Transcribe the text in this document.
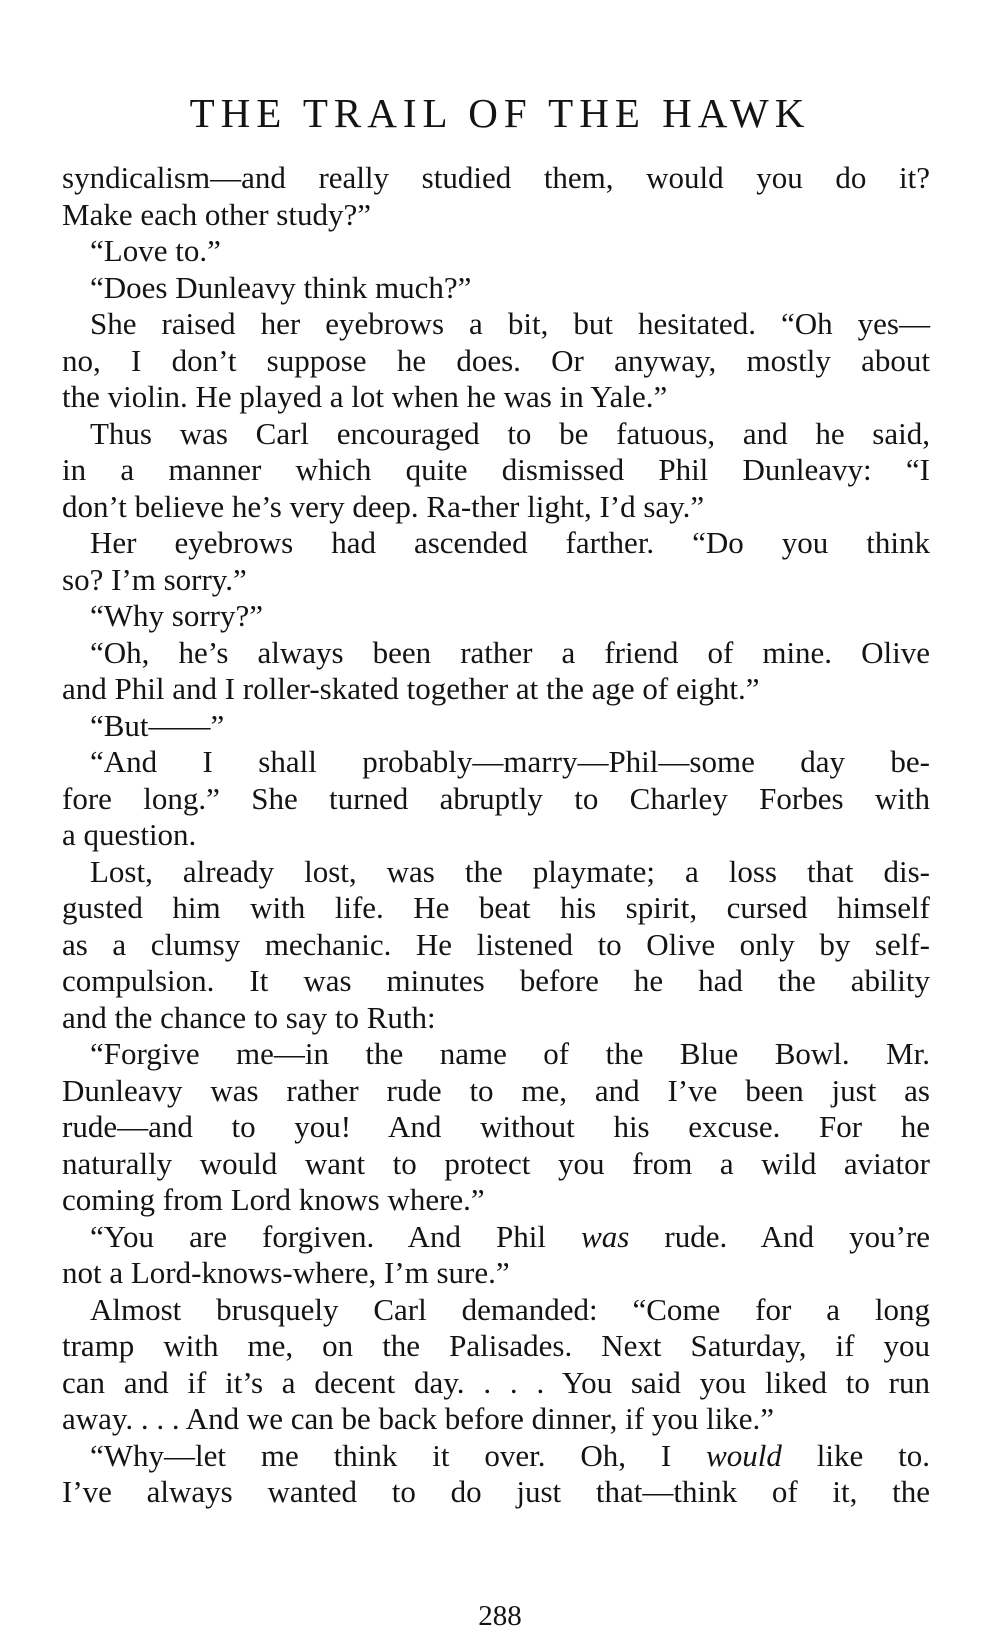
THE TRAIL OF THE HAWK
syndicalism—and really studied them, would you do it?
Make each other study?”
“Love to.”
“Does Dunleavy think much?”
She raised her eyebrows a bit, but hesitated. “Oh yes—
no, I don’t suppose he does. Or anyway, mostly about
the violin. He played a lot when he was in Yale.”
Thus was Carl encouraged to be fatuous, and he said,
in a manner which quite dismissed Phil Dunleavy: “I
don’t believe he’s very deep. Ra-ther light, I’d say.”
Her eyebrows had ascended farther. “Do you think
so? I’m sorry.”
“Why sorry?”
“Oh, he’s always been rather a friend of mine. Olive
and Phil and I roller-skated together at the age of eight.”
“But——”
“And I shall probably—marry—Phil—some day be-
fore long.” She turned abruptly to Charley Forbes with
a question.
Lost, already lost, was the playmate; a loss that dis-
gusted him with life. He beat his spirit, cursed himself
as a clumsy mechanic. He listened to Olive only by self-
compulsion. It was minutes before he had the ability
and the chance to say to Ruth:
“Forgive me—in the name of the Blue Bowl. Mr.
Dunleavy was rather rude to me, and I’ve been just as
rude—and to you! And without his excuse. For he
naturally would want to protect you from a wild aviator
coming from Lord knows where.”
“You are forgiven. And Phil was rude. And you’re
not a Lord-knows-where, I’m sure.”
Almost brusquely Carl demanded: “Come for a long
tramp with me, on the Palisades. Next Saturday, if you
can and if it’s a decent day. . . . You said you liked to run
away. . . . And we can be back before dinner, if you like.”
“Why—let me think it over. Oh, I would like to.
I’ve always wanted to do just that—think of it, the
288
